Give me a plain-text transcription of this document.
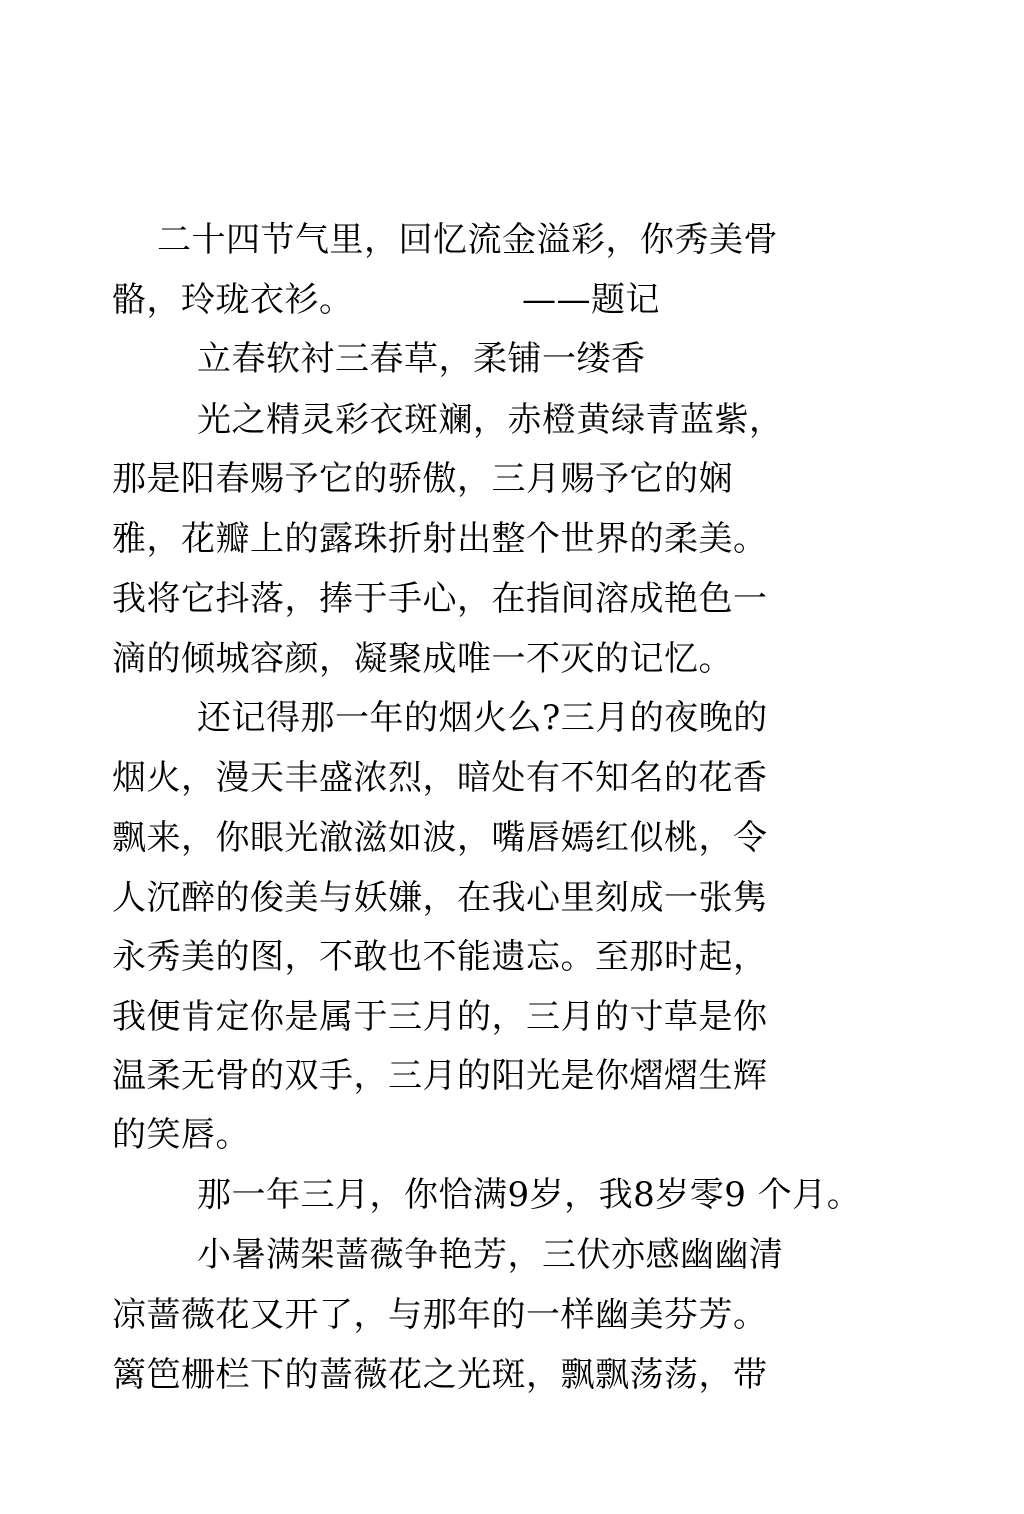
二十四节气里，回忆流金溢彩，你秀美骨
骼，玲珑衣衫。	——题记
立春软衬三春草，柔铺一缕香
光之精灵彩衣斑斓，赤橙黄绿青蓝紫，
那是阳春赐予它的骄傲，三月赐予它的娴
雅，花瓣上的露珠折射出整个世界的柔美。
我将它抖落，捧于手心，在指间溶成艳色一
滴的倾城容颜，凝聚成唯一不灭的记忆。
还记得那一年的烟火么?三月的夜晚的
烟火，漫天丰盛浓烈，暗处有不知名的花香
飘来，你眼光澈滋如波，嘴唇嫣红似桃，令
人沉醉的俊美与妖嫌，在我心里刻成一张隽
永秀美的图，不敢也不能遗忘。至那时起，
我便肯定你是属于三月的，三月的寸草是你
温柔无骨的双手，三月的阳光是你熠熠生辉
的笑唇。
那一年三月，你恰满9岁，我8岁零9 个月。
小暑满架蔷薇争艳芳，三伏亦感幽幽清
凉蔷薇花又开了，与那年的一样幽美芬芳。
篱笆栅栏下的蔷薇花之光斑，飘飘荡荡，带
